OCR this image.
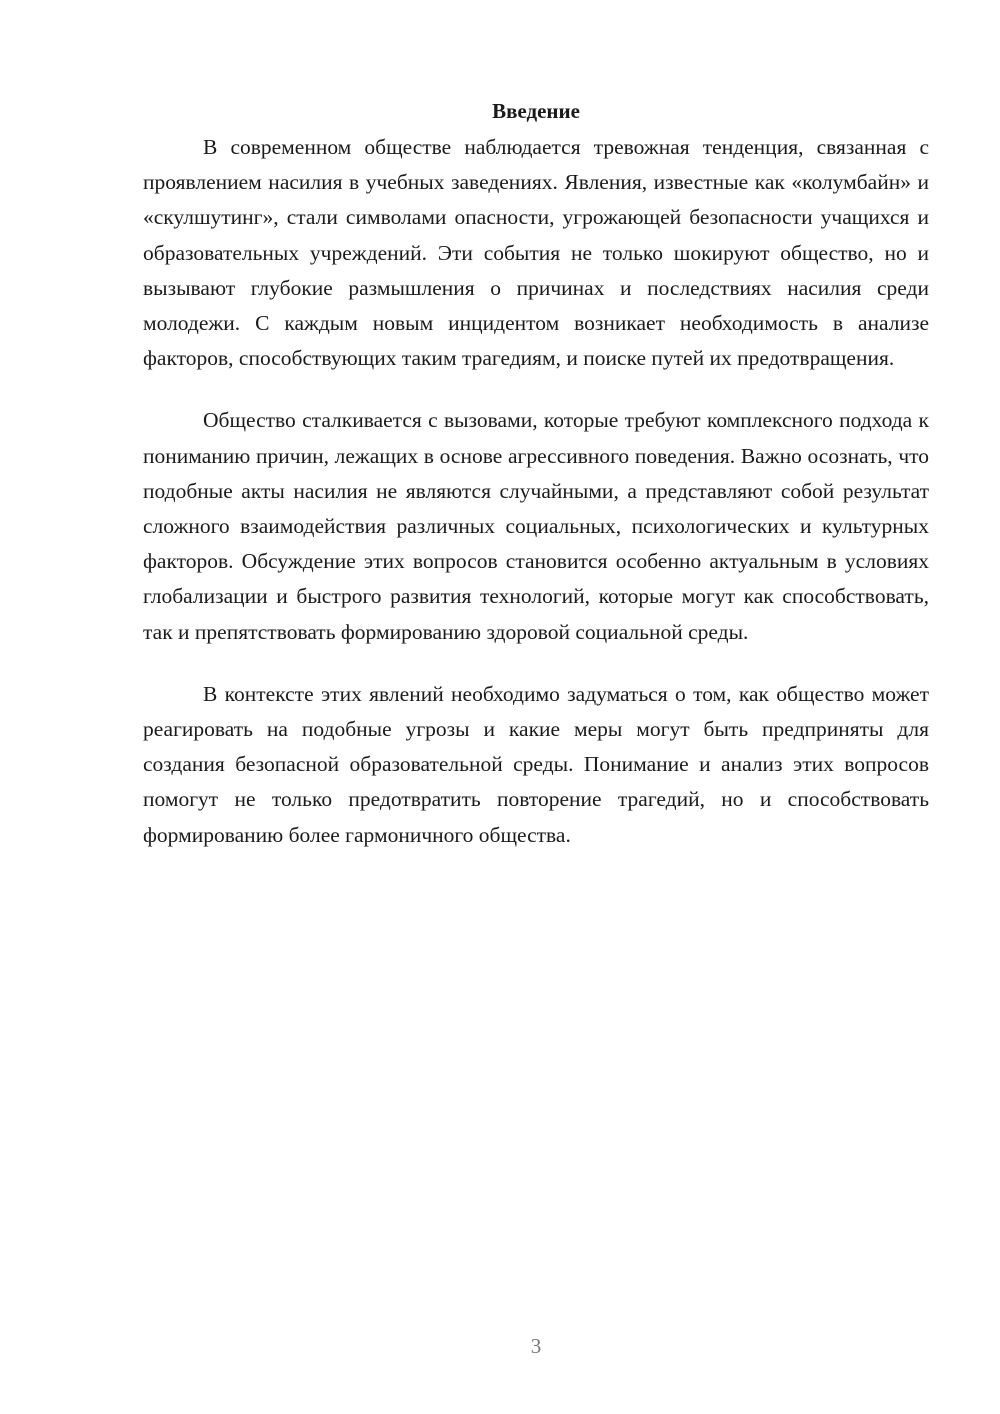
Введение

В современном обществе наблюдается тревожная тенденция, связанная с проявлением насилия в учебных заведениях. Явления, известные как «колумбайн» и «скулшутинг», стали символами опасности, угрожающей безопасности учащихся и образовательных учреждений. Эти события не только шокируют общество, но и вызывают глубокие размышления о причинах и последствиях насилия среди молодежи. С каждым новым инцидентом возникает необходимость в анализе факторов, способствующих таким трагедиям, и поиске путей их предотвращения.

Общество сталкивается с вызовами, которые требуют комплексного подхода к пониманию причин, лежащих в основе агрессивного поведения. Важно осознать, что подобные акты насилия не являются случайными, а представляют собой результат сложного взаимодействия различных социальных, психологических и культурных факторов. Обсуждение этих вопросов становится особенно актуальным в условиях глобализации и быстрого развития технологий, которые могут как способствовать, так и препятствовать формированию здоровой социальной среды.

В контексте этих явлений необходимо задуматься о том, как общество может реагировать на подобные угрозы и какие меры могут быть предприняты для создания безопасной образовательной среды. Понимание и анализ этих вопросов помогут не только предотвратить повторение трагедий, но и способствовать формированию более гармоничного общества.

3
